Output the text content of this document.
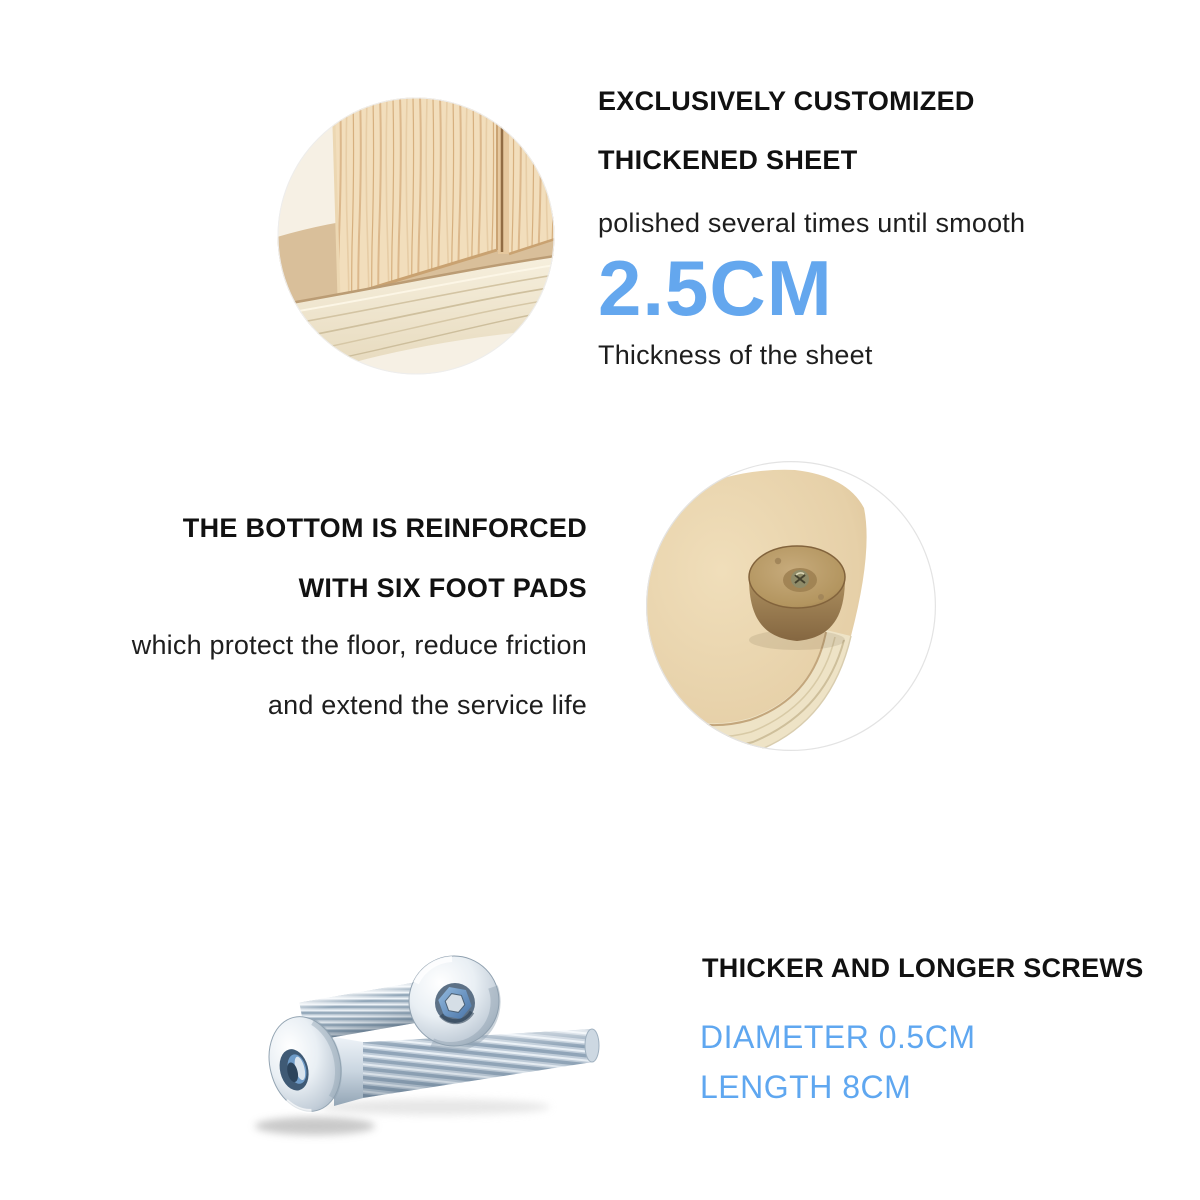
EXCLUSIVELY CUSTOMIZED
THICKENED SHEET
polished several times until smooth
2.5CM
Thickness of the sheet
THE BOTTOM IS REINFORCED
WITH SIX FOOT PADS
which protect the floor, reduce friction
and extend the service life
THICKER AND LONGER SCREWS
DIAMETER 0.5CM
LENGTH 8CM
